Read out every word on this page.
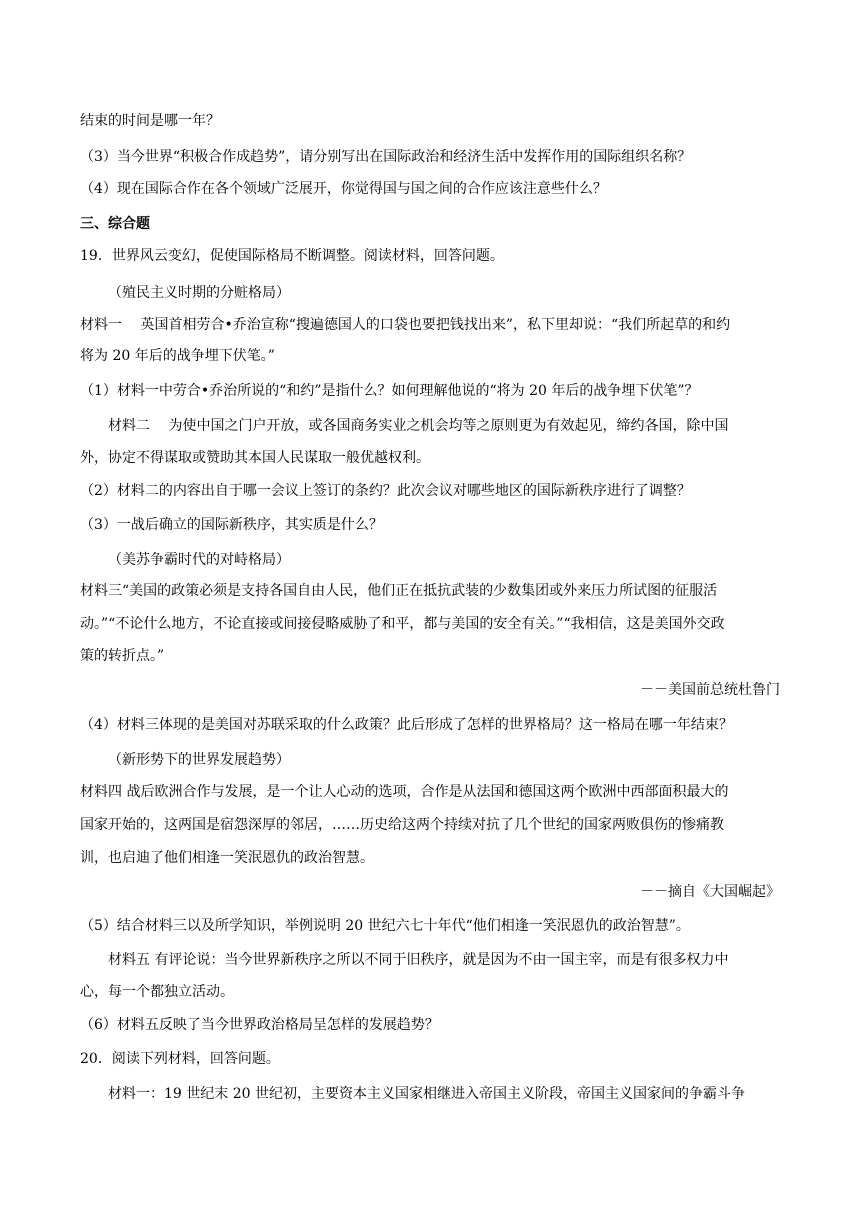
结束的时间是哪一年？
（3）当今世界“积极合作成趋势”，请分别写出在国际政治和经济生活中发挥作用的国际组织名称？
（4）现在国际合作在各个领域广泛展开，你觉得国与国之间的合作应该注意些什么？
三、综合题
19．世界风云变幻，促使国际格局不断调整。阅读材料，回答问题。
（殖民主义时期的分赃格局）
材料一　 英国首相劳合•乔治宣称“搜遍德国人的口袋也要把钱找出来”，私下里却说：“我们所起草的和约
将为 20 年后的战争埋下伏笔。”
（1）材料一中劳合•乔治所说的“和约”是指什么？如何理解他说的“将为 20 年后的战争埋下伏笔”？
材料二　 为使中国之门户开放，或各国商务实业之机会均等之原则更为有效起见，缔约各国，除中国
外，协定不得谋取或赞助其本国人民谋取一般优越权利。
（2）材料二的内容出自于哪一会议上签订的条约？此次会议对哪些地区的国际新秩序进行了调整？
（3）一战后确立的国际新秩序，其实质是什么？
（美苏争霸时代的对峙格局）
材料三“美国的政策必须是支持各国自由人民，他们正在抵抗武装的少数集团或外来压力所试图的征服活
动。”“不论什么地方，不论直接或间接侵略威胁了和平，都与美国的安全有关。”“我相信，这是美国外交政
策的转折点。”
－－美国前总统杜鲁门
（4）材料三体现的是美国对苏联采取的什么政策？此后形成了怎样的世界格局？这一格局在哪一年结束？
（新形势下的世界发展趋势）
材料四 战后欧洲合作与发展，是一个让人心动的选项，合作是从法国和德国这两个欧洲中西部面积最大的
国家开始的，这两国是宿怨深厚的邻居，……历史给这两个持续对抗了几个世纪的国家两败俱伤的惨痛教
训，也启迪了他们相逢一笑泯恩仇的政治智慧。
－－摘自《大国崛起》
（5）结合材料三以及所学知识，举例说明 20 世纪六七十年代“他们相逢一笑泯恩仇的政治智慧”。
材料五 有评论说：当今世界新秩序之所以不同于旧秩序，就是因为不由一国主宰，而是有很多权力中
心，每一个都独立活动。
（6）材料五反映了当今世界政治格局呈怎样的发展趋势？
20．阅读下列材料，回答问题。
材料一：19 世纪末 20 世纪初，主要资本主义国家相继进入帝国主义阶段，帝国主义国家间的争霸斗争
